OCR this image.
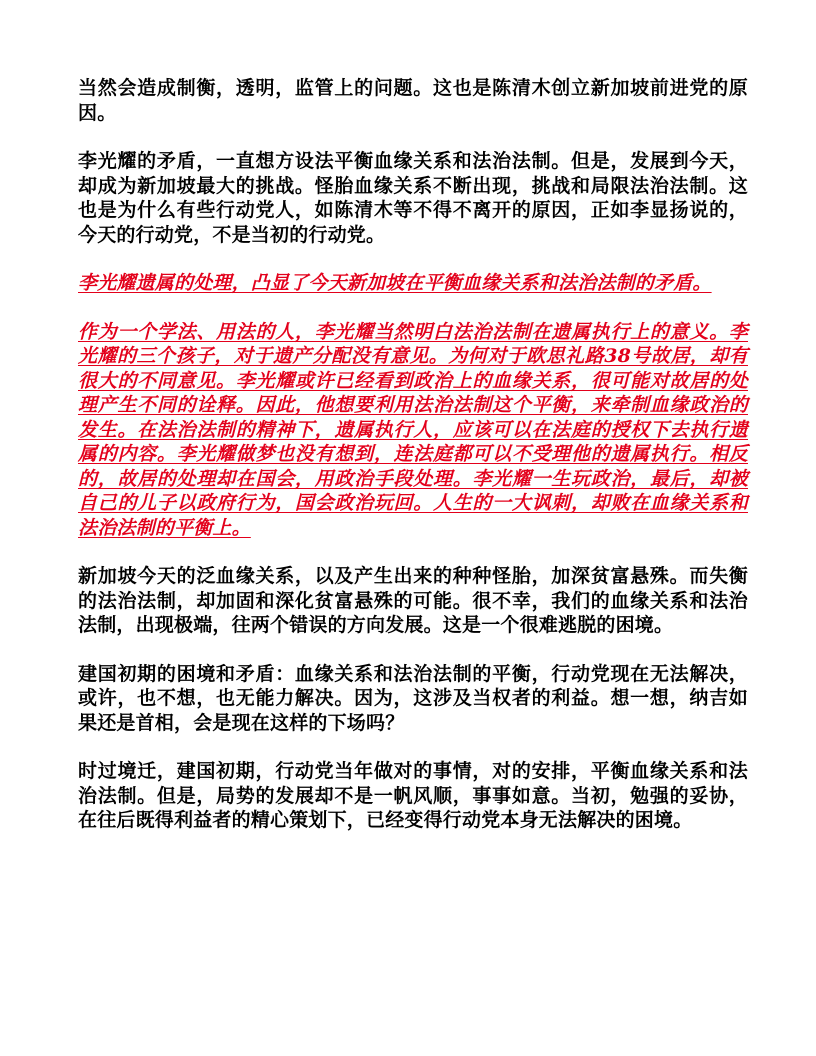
当然会造成制衡，透明，监管上的问题。这也是陈清木创立新加坡前进党的原因。

李光耀的矛盾，一直想方设法平衡血缘关系和法治法制。但是，发展到今天，却成为新加坡最大的挑战。怪胎血缘关系不断出现，挑战和局限法治法制。这也是为什么有些行动党人，如陈清木等不得不离开的原因，正如李显扬说的，今天的行动党，不是当初的行动党。

李光耀遗属的处理，凸显了今天新加坡在平衡血缘关系和法治法制的矛盾。

作为一个学法、用法的人，李光耀当然明白法治法制在遗属执行上的意义。李光耀的三个孩子，对于遗产分配没有意见。为何对于欧思礼路38号故居，却有很大的不同意见。李光耀或许已经看到政治上的血缘关系，很可能对故居的处理产生不同的诠释。因此，他想要利用法治法制这个平衡，来牵制血缘政治的发生。在法治法制的精神下，遗属执行人，应该可以在法庭的授权下去执行遗属的内容。李光耀做梦也没有想到，连法庭都可以不受理他的遗属执行。相反的，故居的处理却在国会，用政治手段处理。李光耀一生玩政治，最后，却被自己的儿子以政府行为，国会政治玩回。人生的一大讽刺，却败在血缘关系和法治法制的平衡上。

新加坡今天的泛血缘关系，以及产生出来的种种怪胎，加深贫富悬殊。而失衡的法治法制，却加固和深化贫富悬殊的可能。很不幸，我们的血缘关系和法治法制，出现极端，往两个错误的方向发展。这是一个很难逃脱的困境。

建国初期的困境和矛盾：血缘关系和法治法制的平衡，行动党现在无法解决，或许，也不想，也无能力解决。因为，这涉及当权者的利益。想一想，纳吉如果还是首相，会是现在这样的下场吗？

时过境迁，建国初期，行动党当年做对的事情，对的安排，平衡血缘关系和法治法制。但是，局势的发展却不是一帆风顺，事事如意。当初，勉强的妥协，在往后既得利益者的精心策划下，已经变得行动党本身无法解决的困境。
